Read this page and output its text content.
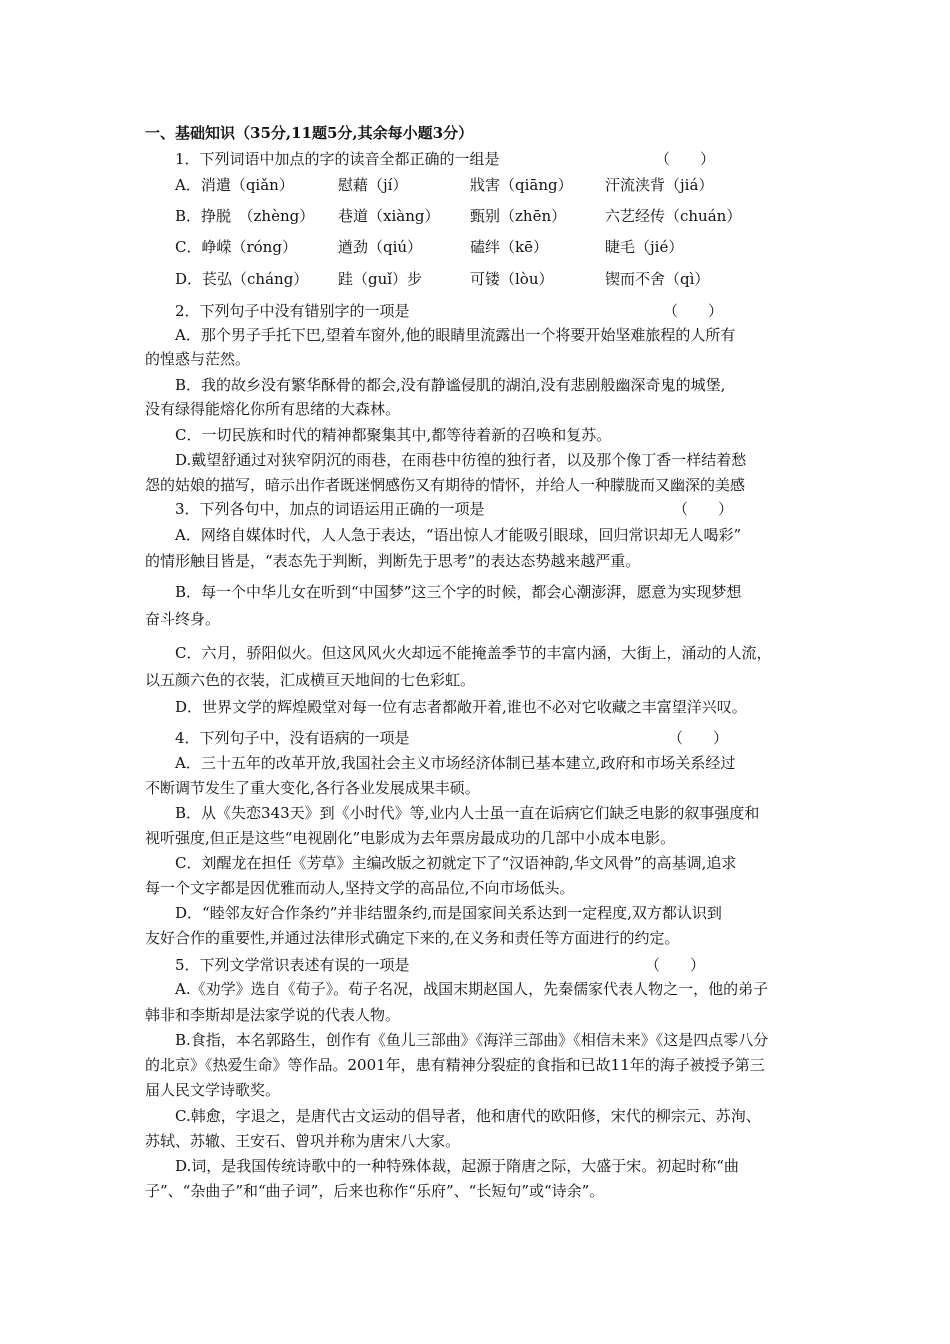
一、基础知识（35分,11题5分,其余每小题3分）
1．下列词语中加点的字的读音全都正确的一组是	（　　）
A．消遣（qiǎn）	慰藉（jí）	戕害（qiāng） 汗流浃背（jiá）
B．挣脱　（zhèng） 巷道（xiàng） 甄别（zhēn）	六艺经传（chuán）
C．峥嵘（róng）	遒劲（qiú）	磕绊（kē）	睫毛（jié）
D．苌弘（cháng） 跬（guǐ）步	可镂（lòu）	锲而不舍（qì）
2．下列句子中没有错别字的一项是	（　　）
A．那个男子手托下巴,望着车窗外,他的眼睛里流露出一个将要开始坚难旅程的人所有
的惶惑与茫然。
B．我的故乡没有繁华酥骨的都会,没有静谧侵肌的湖泊,没有悲剧般幽深奇鬼的城堡,
没有绿得能熔化你所有思绪的大森林。
C．一切民族和时代的精神都聚集其中,都等待着新的召唤和复苏。
D.戴望舒通过对狭窄阴沉的雨巷，在雨巷中彷徨的独行者，以及那个像丁香一样结着愁
怨的姑娘的描写，暗示出作者既迷惘感伤又有期待的情怀，并给人一种朦胧而又幽深的美感
3．下列各句中，加点的词语运用正确的一项是	（　　）
A．网络自媒体时代，人人急于表达，“语出惊人才能吸引眼球，回归常识却无人喝彩”
的情形触目皆是，“表态先于判断，判断先于思考”的表达态势越来越严重。
B．每一个中华儿女在听到“中国梦”这三个字的时候，都会心潮澎湃，愿意为实现梦想
奋斗终身。
C．六月，骄阳似火。但这风风火火却远不能掩盖季节的丰富内涵，大街上，涌动的人流，
以五颜六色的衣装，汇成横亘天地间的七色彩虹。
D．世界文学的辉煌殿堂对每一位有志者都敞开着,谁也不必对它收藏之丰富望洋兴叹。
4．下列句子中，没有语病的一项是	（　　）
A．三十五年的改革开放,我国社会主义市场经济体制已基本建立,政府和市场关系经过
不断调节发生了重大变化,各行各业发展成果丰硕。
B．从《失恋343天》到《小时代》等,业内人士虽一直在诟病它们缺乏电影的叙事强度和
视听强度,但正是这些“电视剧化”电影成为去年票房最成功的几部中小成本电影。
C．刘醒龙在担任《芳草》主编改版之初就定下了“汉语神韵,华文风骨”的高基调,追求
每一个文字都是因优雅而动人,坚持文学的高品位,不向市场低头。
D．“睦邻友好合作条约”并非结盟条约,而是国家间关系达到一定程度,双方都认识到
友好合作的重要性,并通过法律形式确定下来的,在义务和责任等方面进行的约定。
5．下列文学常识表述有误的一项是	（　　）
A.《劝学》选自《荀子》。荀子名况，战国末期赵国人，先秦儒家代表人物之一，他的弟子
韩非和李斯却是法家学说的代表人物。
B.食指，本名郭路生，创作有《鱼儿三部曲》《海洋三部曲》《相信未来》《这是四点零八分
的北京》《热爱生命》等作品。2001年，患有精神分裂症的食指和已故11年的海子被授予第三
届人民文学诗歌奖。
C.韩愈，字退之，是唐代古文运动的倡导者，他和唐代的欧阳修，宋代的柳宗元、苏洵、
苏轼、苏辙、王安石、曾巩并称为唐宋八大家。
D.词，是我国传统诗歌中的一种特殊体裁，起源于隋唐之际，大盛于宋。初起时称“曲
子”、“杂曲子”和“曲子词”，后来也称作“乐府”、“长短句”或“诗余”。
